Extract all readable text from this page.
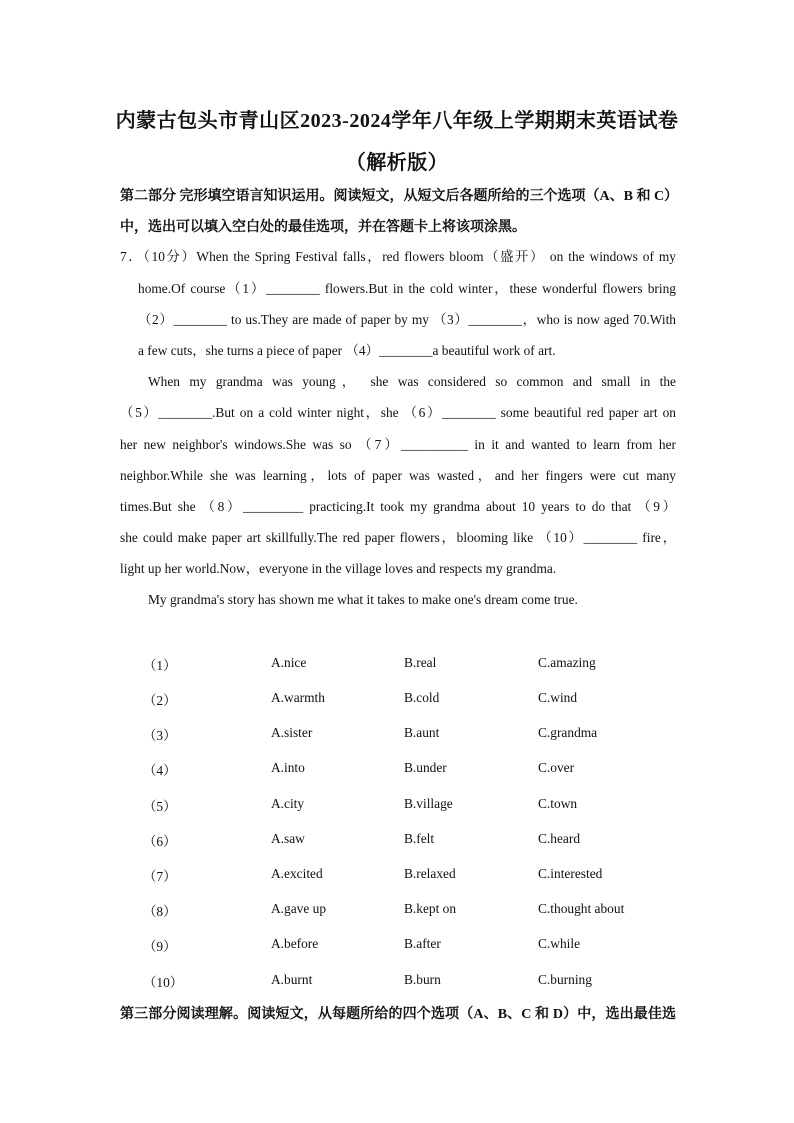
内蒙古包头市青山区2023-2024学年八年级上学期期末英语试卷
（解析版）
第二部分 完形填空语言知识运用。阅读短文，从短文后各题所给的三个选项（A、B 和 C）
中，选出可以填入空白处的最佳选项，并在答题卡上将该项涂黑。
7．（10分）When the Spring Festival falls，red flowers bloom（盛开） on the windows of my
home.Of course（1）________ flowers.But in the cold winter，these wonderful flowers bring
（2）________ to us.They are made of paper by my （3）________，who is now aged 70.With
a few cuts，she turns a piece of paper （4）________a beautiful work of art.
When my grandma was young， she was considered so common and small in the
（5）________.But on a cold winter night，she （6）________ some beautiful red paper art on
her new neighbor's windows.She was so （7）__________ in it and wanted to learn from her
neighbor.While she was learning，lots of paper was wasted，and her fingers were cut many
times.But she （8）_________ practicing.It took my grandma about 10 years to do that （9）
she could make paper art skillfully.The red paper flowers，blooming like （10）________ fire，
light up her world.Now，everyone in the village loves and respects my grandma.
My grandma's story has shown me what it takes to make one's dream come true.
（1）	A.nice	B.real	C.amazing
（2）	A.warmth	B.cold	C.wind
（3）	A.sister	B.aunt	C.grandma
（4）	A.into	B.under	C.over
（5）	A.city	B.village	C.town
（6）	A.saw	B.felt	C.heard
（7）	A.excited	B.relaxed	C.interested
（8）	A.gave up	B.kept on	C.thought about
（9）	A.before	B.after	C.while
（10）	A.burnt	B.burn	C.burning
第三部分阅读理解。阅读短文，从每题所给的四个选项（A、B、C 和 D）中，选出最佳选
